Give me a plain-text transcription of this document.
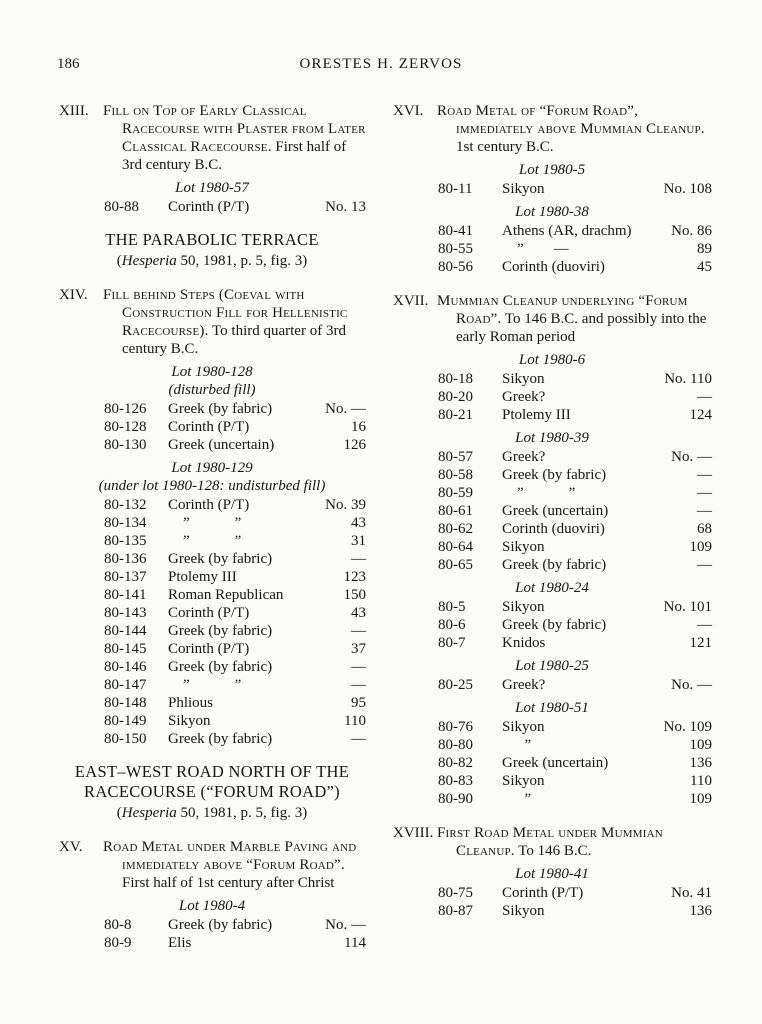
186	ORESTES H. ZERVOS
XIII. Fill on Top of Early Classical Racecourse with Plaster from Later Classical Racecourse. First half of 3rd century B.C.

Lot 1980-57
80-88	Corinth (P/T)	No. 13
THE PARABOLIC TERRACE
(Hesperia 50, 1981, p. 5, fig. 3)
XIV.	Fill behind Steps (Coeval with Construction Fill for Hellenistic Racecourse). To third quarter of 3rd century B.C.

Lot 1980-128
(disturbed fill)
80-126	Greek (by fabric)	No. —
80-128	Corinth (P/T)	16
80-130	Greek (uncertain)	126
Lot 1980-129
(under lot 1980-128: undisturbed fill)
80-132	Corinth (P/T)	No. 39
80-134	  ”   ”	43
80-135	  ”   ”	31
80-136	Greek (by fabric)	—
80-137	Ptolemy III	123
80-141	Roman Republican	150
80-143	Corinth (P/T)	43
80-144	Greek (by fabric)	—
80-145	Corinth (P/T)	37
80-146	Greek (by fabric)	—
80-147	  ”   ”	—
80-148	Phlious	95
80-149	Sikyon	110
80-150	Greek (by fabric)	—
EAST–WEST ROAD NORTH OF THE RACECOURSE (“FORUM ROAD”)
(Hesperia 50, 1981, p. 5, fig. 3)
XV.	Road Metal under Marble Paving and immediately above “Forum Road”. First half of 1st century after Christ

Lot 1980-4
80-8	Greek (by fabric)	No. —
80-9	Elis	114
XVI. Road Metal of “Forum Road”, immediately above Mummian Cleanup. 1st century B.C.

Lot 1980-5
80-11	Sikyon	No. 108
Lot 1980-38
80-41	Athens (AR, drachm)	No. 86
80-55	  ”  —	89
80-56	Corinth (duoviri)	45
XVII. Mummian Cleanup underlying “Forum Road”. To 146 B.C. and possibly into the early Roman period

Lot 1980-6
80-18	Sikyon	No. 110
80-20	Greek?	—
80-21	Ptolemy III	124
Lot 1980-39
80-57	Greek?	No. —
80-58	Greek (by fabric)	—
80-59	  ”   ”	—
80-61	Greek (uncertain)	—
80-62	Corinth (duoviri)	68
80-64	Sikyon	109
80-65	Greek (by fabric)	—
Lot 1980-24
80-5	Sikyon	No. 101
80-6	Greek (by fabric)	—
80-7	Knidos	121
Lot 1980-25
80-25	Greek?	No. —
Lot 1980-51
80-76	Sikyon	No. 109
80-80	   ”	109
80-82	Greek (uncertain)	136
80-83	Sikyon	110
80-90	   ”	109
XVIII. First Road Metal under Mummian Cleanup. To 146 B.C.

Lot 1980-41
80-75	Corinth (P/T)	No. 41
80-87	Sikyon	136
